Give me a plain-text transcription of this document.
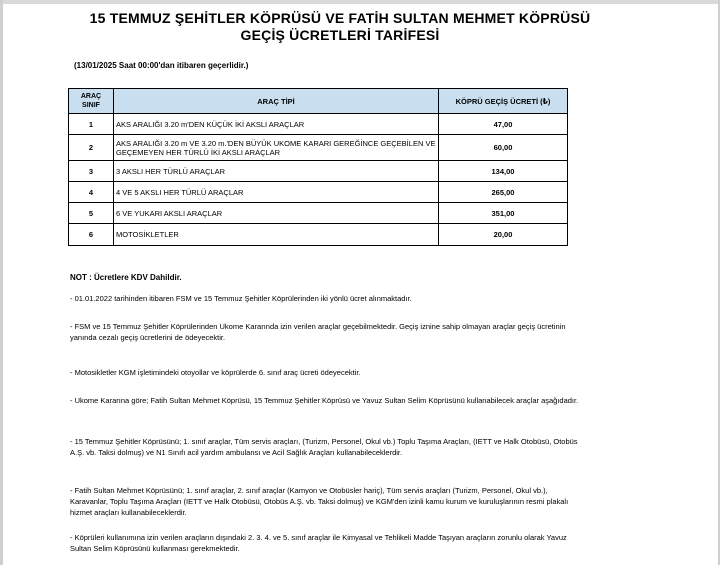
15 TEMMUZ ŞEHİTLER KÖPRÜSÜ VE FATİH SULTAN MEHMET KÖPRÜSÜ
GEÇİŞ ÜCRETLERİ TARİFESİ
(13/01/2025 Saat 00:00'dan itibaren geçerlidir.)
ARAÇ SINIF	ARAÇ TİPİ	KÖPRÜ GEÇİŞ ÜCRETİ (₺)
1	AKS ARALIĞI 3.20 m'DEN KÜÇÜK İKİ AKSLI ARAÇLAR	47,00
2	AKS ARALIĞI 3.20 m VE 3.20 m.'DEN BÜYÜK UKOME KARARI GEREĞİNCE GEÇEBİLEN VE GEÇEMEYEN HER TÜRLÜ İKİ AKSLI ARAÇLAR	60,00
3	3 AKSLI HER TÜRLÜ ARAÇLAR	134,00
4	4 VE 5 AKSLI HER TÜRLÜ ARAÇLAR	265,00
5	6 VE YUKARI AKSLI ARAÇLAR	351,00
6	MOTOSİKLETLER	20,00
NOT : Ücretlere KDV Dahildir.
- 01.01.2022 tarihinden itibaren FSM ve 15 Temmuz Şehitler Köprülerinden iki yönlü ücret alınmaktadır.
- FSM ve 15 Temmuz Şehitler Köprülerinden Ukome Kararında izin verilen araçlar geçebilmektedir. Geçiş iznine sahip olmayan araçlar geçiş ücretinin yanında cezalı geçiş ücretlerini de ödeyecektir.
- Motosikletler KGM işletimindeki otoyollar ve köprülerde 6. sınıf araç ücreti ödeyecektir.
- Ukome Kararına göre; Fatih Sultan Mehmet Köprüsü, 15 Temmuz Şehitler Köprüsü ve Yavuz Sultan Selim Köprüsünü kullanabilecek araçlar aşağıdadır.
- 15 Temmuz Şehitler Köprüsünü; 1. sınıf araçlar, Tüm servis araçları, (Turizm, Personel, Okul vb.) Toplu Taşıma Araçları, (IETT ve Halk Otobüsü, Otobüs A.Ş. vb. Taksi dolmuş) ve N1 Sınıfı acil yardım ambulansı ve Acil Sağlık Araçları kullanabileceklerdir.
- Fatih Sultan Mehmet Köprüsünü; 1. sınıf araçlar, 2. sınıf araçlar (Kamyon ve Otobüsler hariç), Tüm servis araçları (Turizm, Personel, Okul vb.), Karavanlar, Toplu Taşıma Araçları (IETT ve Halk Otobüsü, Otobüs A.Ş. vb. Taksi dolmuş) ve KGM'den izinli kamu kurum ve kuruluşlarının resmi plakalı hizmet araçları kullanabileceklerdir.
- Köprüleri kullanımına izin verilen araçların dışındaki 2. 3. 4. ve 5. sınıf araçlar ile Kimyasal ve Tehlikeli Madde Taşıyan araçların zorunlu olarak Yavuz Sultan Selim Köprüsünü kullanması gerekmektedir.
